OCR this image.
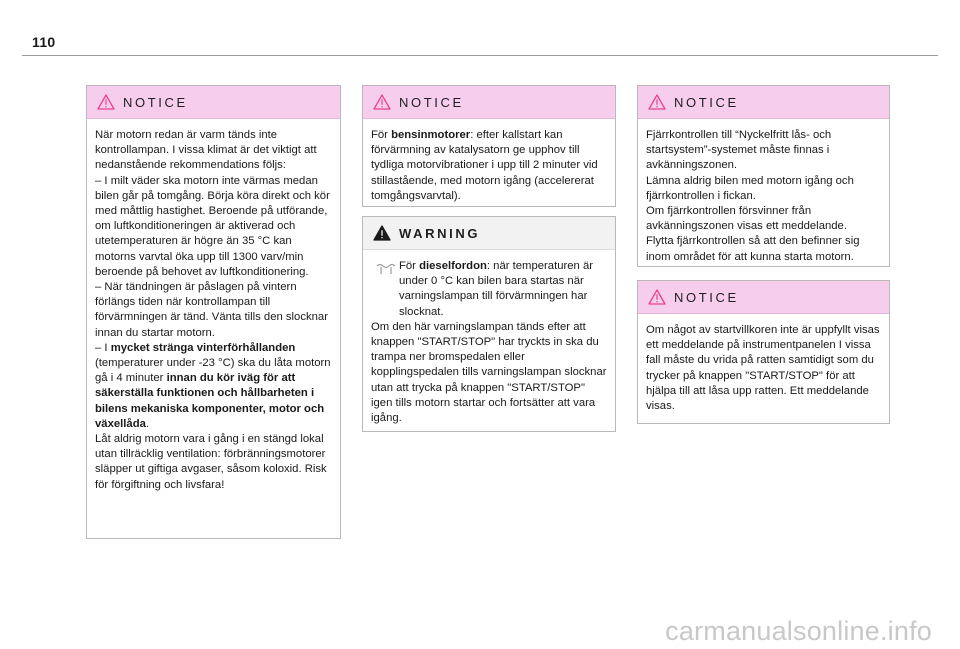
110
NOTICE

När motorn redan är varm tänds inte kontrollampan. I vissa klimat är det viktigt att nedanstående rekommendations följs:

– I milt väder ska motorn inte värmas medan bilen går på tomgång. Börja köra direkt och kör med måttlig hastighet. Beroende på utförande, om luftkonditioneringen är aktiverad och utetemperaturen är högre än 35 °C kan motorns varvtal öka upp till 1300 varv/min beroende på behovet av luftkonditionering.

– När tändningen är påslagen på vintern förlängs tiden när kontrollampan till förvärmningen är tänd. Vänta tills den slocknar innan du startar motorn.

– I mycket stränga vinterförhållanden (temperaturer under -23 °C) ska du låta motorn gå i 4 minuter innan du kör iväg för att säkerställa funktionen och hållbarheten i bilens mekaniska komponenter, motor och växellåda.

Låt aldrig motorn vara i gång i en stängd lokal utan tillräcklig ventilation: förbränningsmotorer släpper ut giftiga avgaser, såsom koloxid. Risk för förgiftning och livsfara!

NOTICE

För bensinmotorer: efter kallstart kan förvärmning av katalysatorn ge upphov till tydliga motorvibrationer i upp till 2 minuter vid stillastående, med motorn igång (accelererat tomgångsvarvtal).

WARNING

För dieselfordon: när temperaturen är under 0 °C kan bilen bara startas när varningslampan till förvärmningen har slocknat.

Om den här varningslampan tänds efter att knappen "START/STOP" har tryckts in ska du trampa ner bromspedalen eller kopplingspedalen tills varningslampan slocknar utan att trycka på knappen "START/STOP" igen tills motorn startar och fortsätter att vara igång.

NOTICE

Fjärrkontrollen till “Nyckelfritt lås- och startsystem”-systemet måste finnas i avkänningszonen.

Lämna aldrig bilen med motorn igång och fjärrkontrollen i fickan.

Om fjärrkontrollen försvinner från avkänningszonen visas ett meddelande.

Flytta fjärrkontrollen så att den befinner sig inom området för att kunna starta motorn.

NOTICE

Om något av startvillkoren inte är uppfyllt visas ett meddelande på instrumentpanelen I vissa fall måste du vrida på ratten samtidigt som du trycker på knappen "START/STOP" för att hjälpa till att låsa upp ratten. Ett meddelande visas.

carmanualsonline.info
